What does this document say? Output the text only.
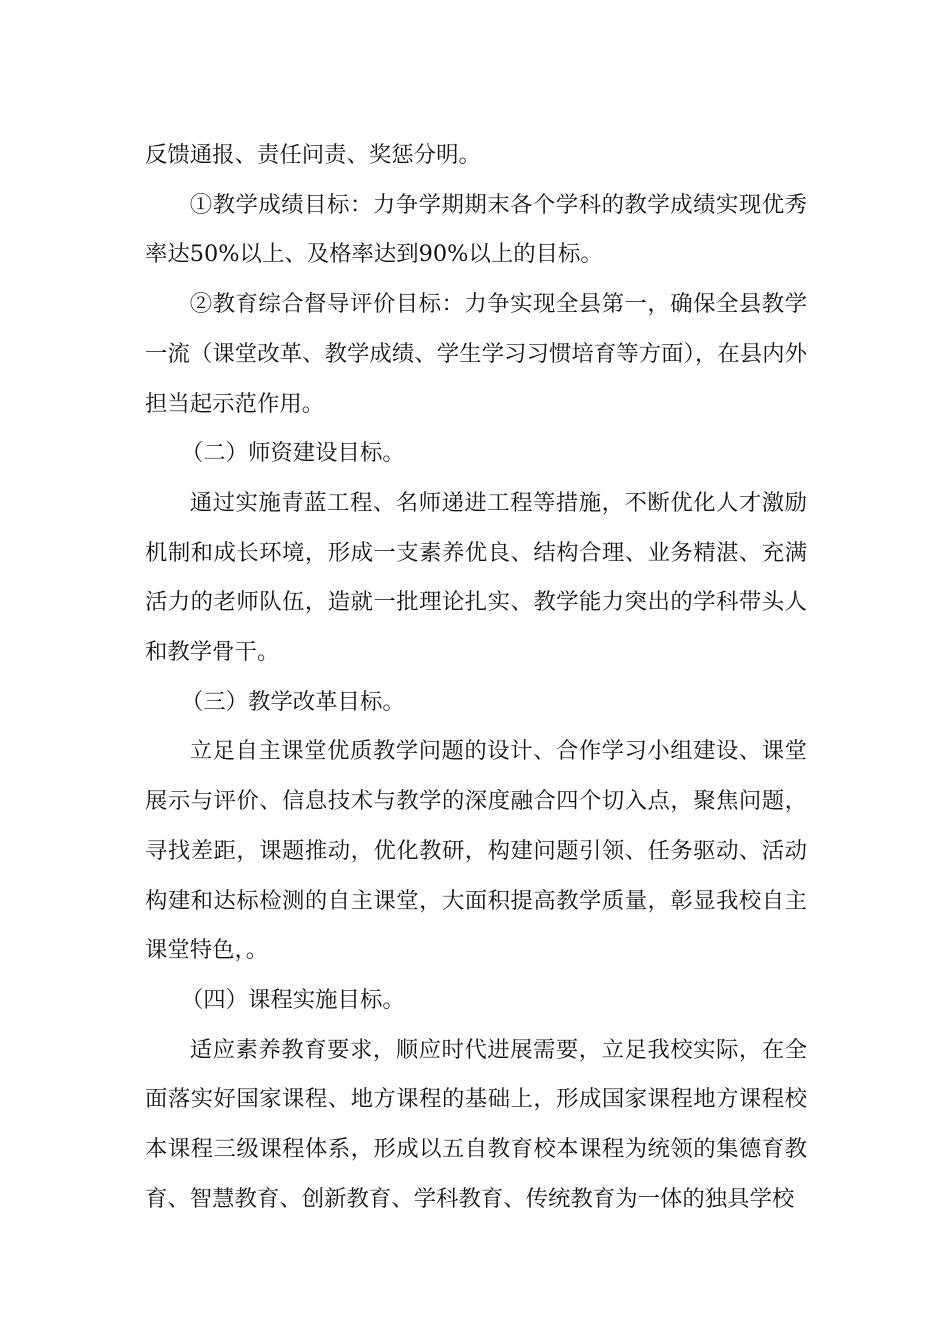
反馈通报、责任问责、奖惩分明。

①教学成绩目标：力争学期期末各个学科的教学成绩实现优秀率达50%以上、及格率达到90%以上的目标。

②教育综合督导评价目标：力争实现全县第一，确保全县教学一流（课堂改革、教学成绩、学生学习习惯培育等方面），在县内外担当起示范作用。

（二）师资建设目标。

通过实施青蓝工程、名师递进工程等措施，不断优化人才激励机制和成长环境，形成一支素养优良、结构合理、业务精湛、充满活力的老师队伍，造就一批理论扎实、教学能力突出的学科带头人和教学骨干。

（三）教学改革目标。

立足自主课堂优质教学问题的设计、合作学习小组建设、课堂展示与评价、信息技术与教学的深度融合四个切入点，聚焦问题，寻找差距，课题推动，优化教研，构建问题引领、任务驱动、活动构建和达标检测的自主课堂，大面积提高教学质量，彰显我校自主课堂特色，。

（四）课程实施目标。

适应素养教育要求，顺应时代进展需要，立足我校实际，在全面落实好国家课程、地方课程的基础上，形成国家课程地方课程校本课程三级课程体系，形成以五自教育校本课程为统领的集德育教育、智慧教育、创新教育、学科教育、传统教育为一体的独具学校
